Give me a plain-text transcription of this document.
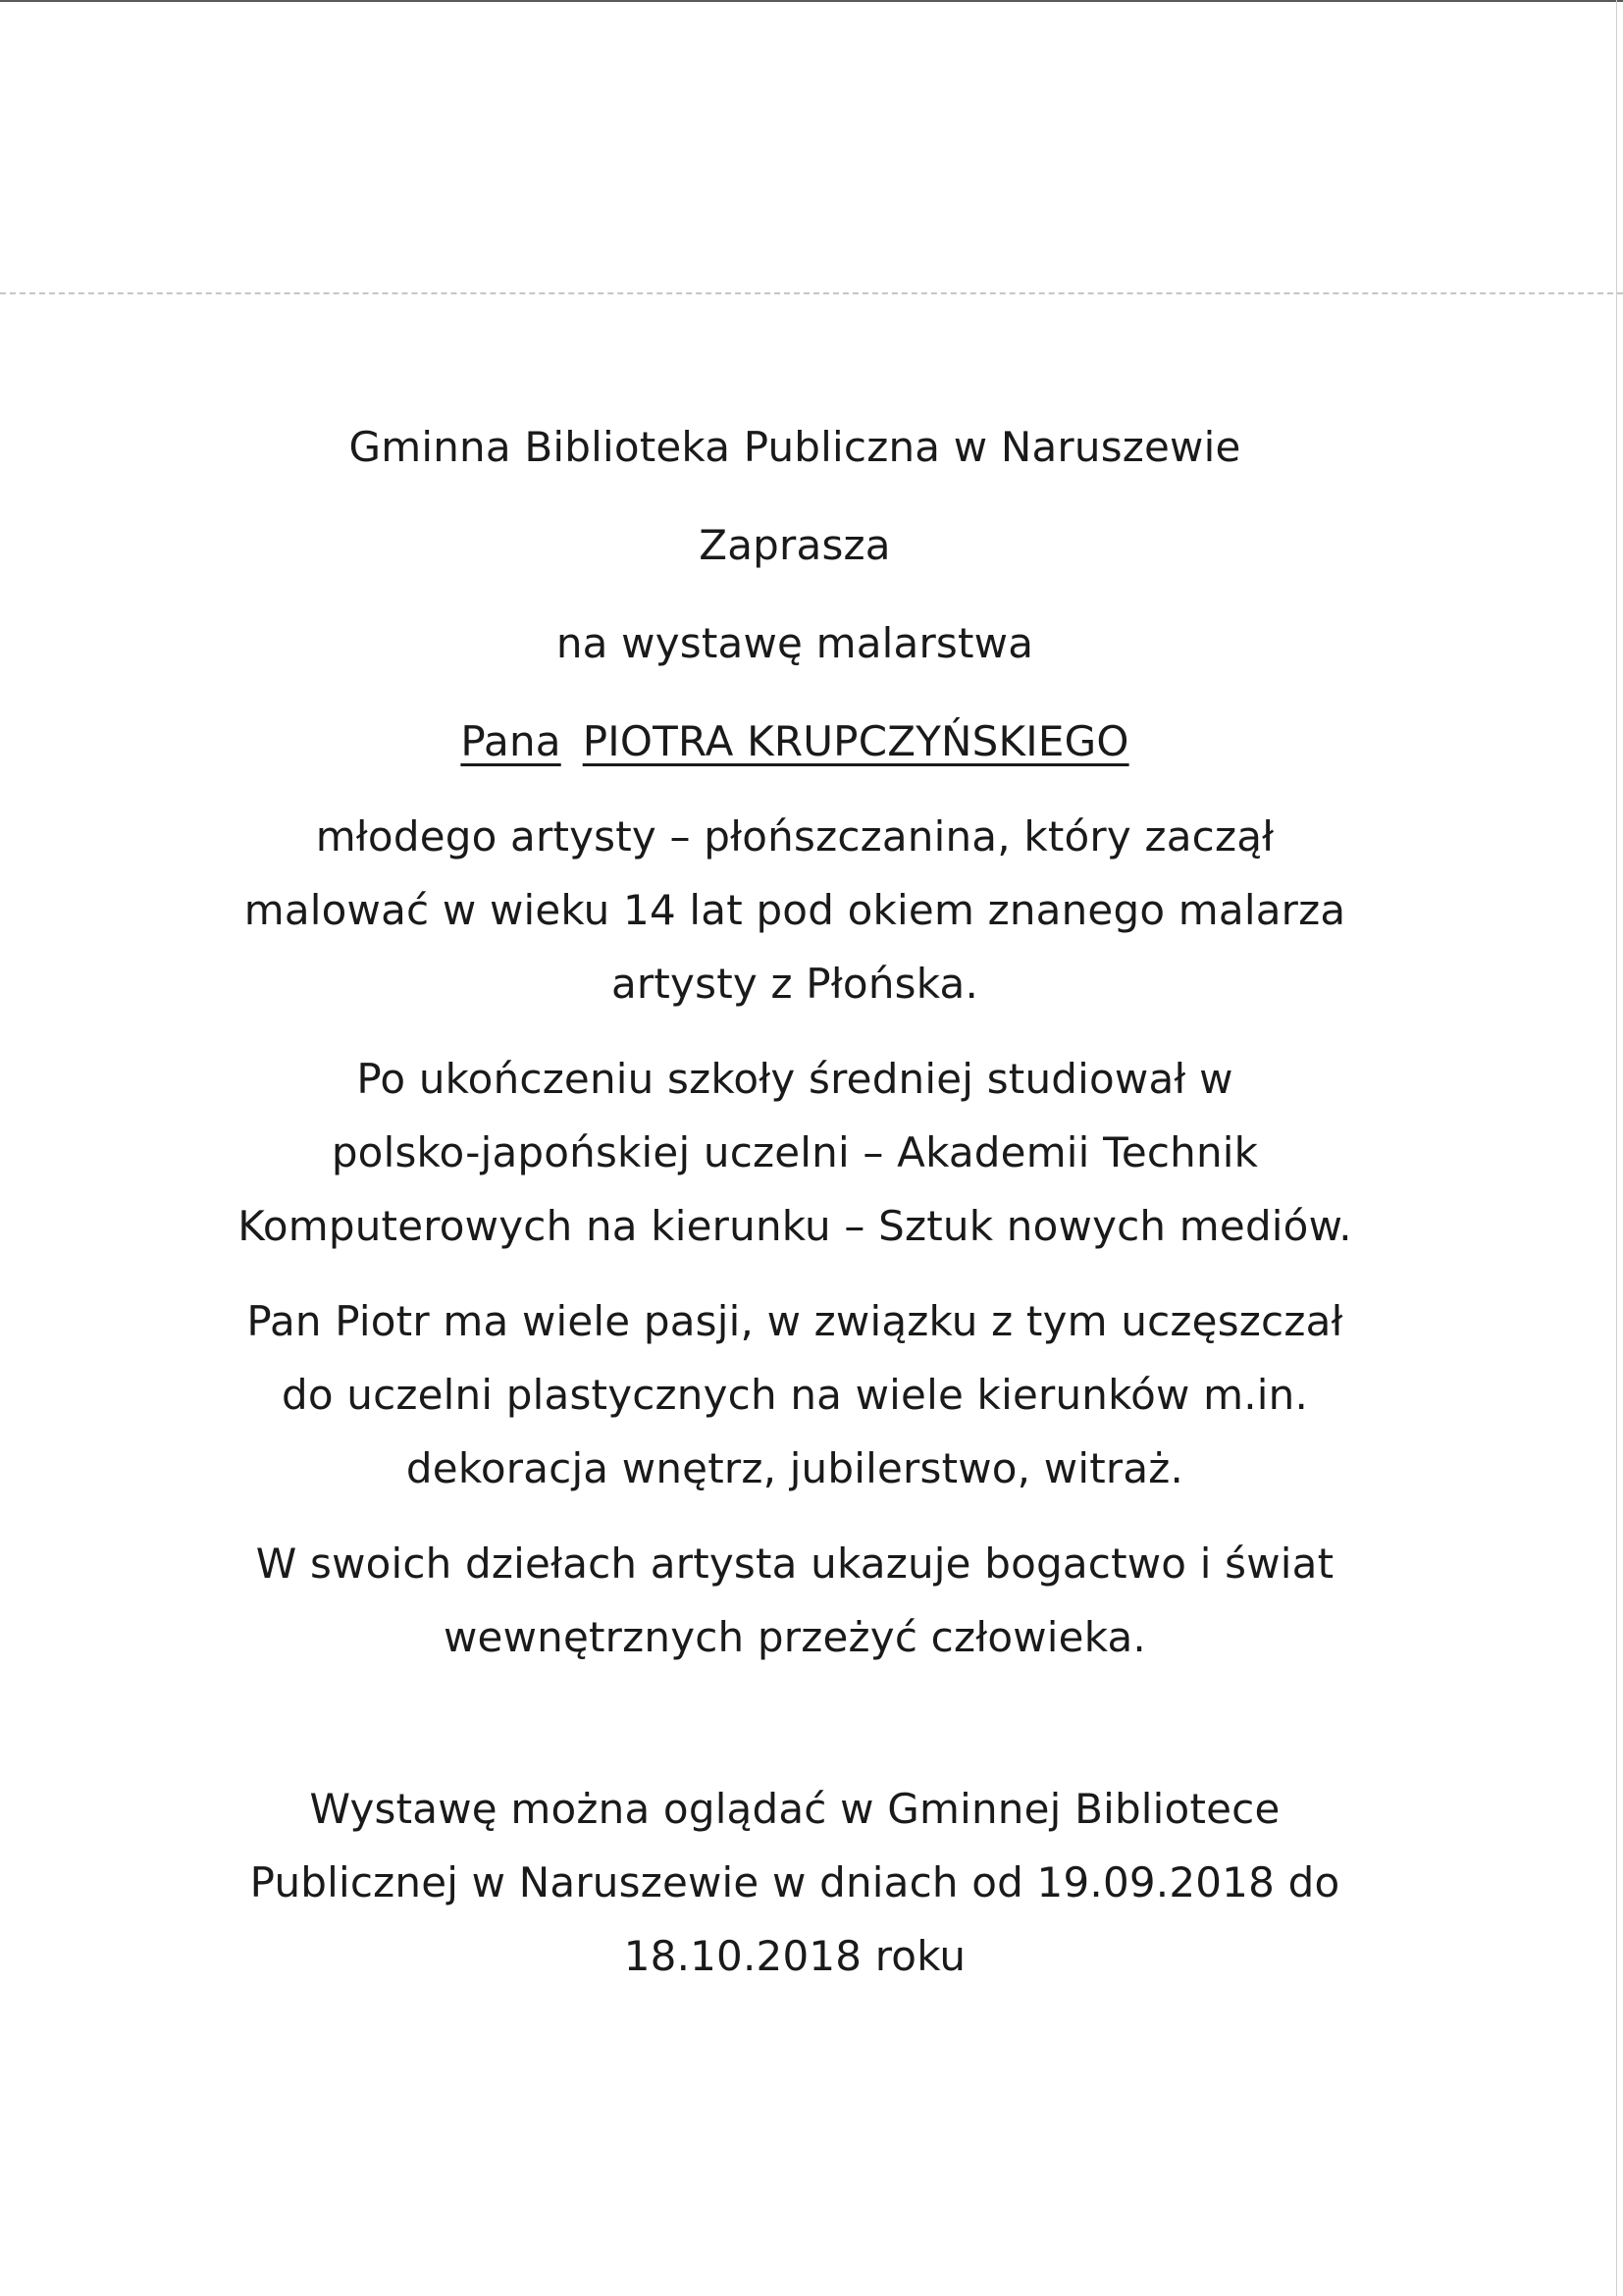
Gminna Biblioteka Publiczna w Naruszewie

Zaprasza

na wystawę malarstwa

Pana PIOTRA KRUPCZYŃSKIEGO

młodego artysty – płońszczanina, który zaczął

malować w wieku 14 lat pod okiem znanego malarza

artysty z Płońska.

Po ukończeniu szkoły średniej studiował w

polsko-japońskiej uczelni – Akademii Technik

Komputerowych na kierunku – Sztuk nowych mediów.

Pan Piotr ma wiele pasji, w związku z tym uczęszczał

do uczelni plastycznych na wiele kierunków m.in.

dekoracja wnętrz, jubilerstwo, witraż.

W swoich dziełach artysta ukazuje bogactwo i świat

wewnętrznych przeżyć człowieka.

Wystawę można oglądać w Gminnej Bibliotece

Publicznej w Naruszewie w dniach od 19.09.2018 do

18.10.2018 roku
